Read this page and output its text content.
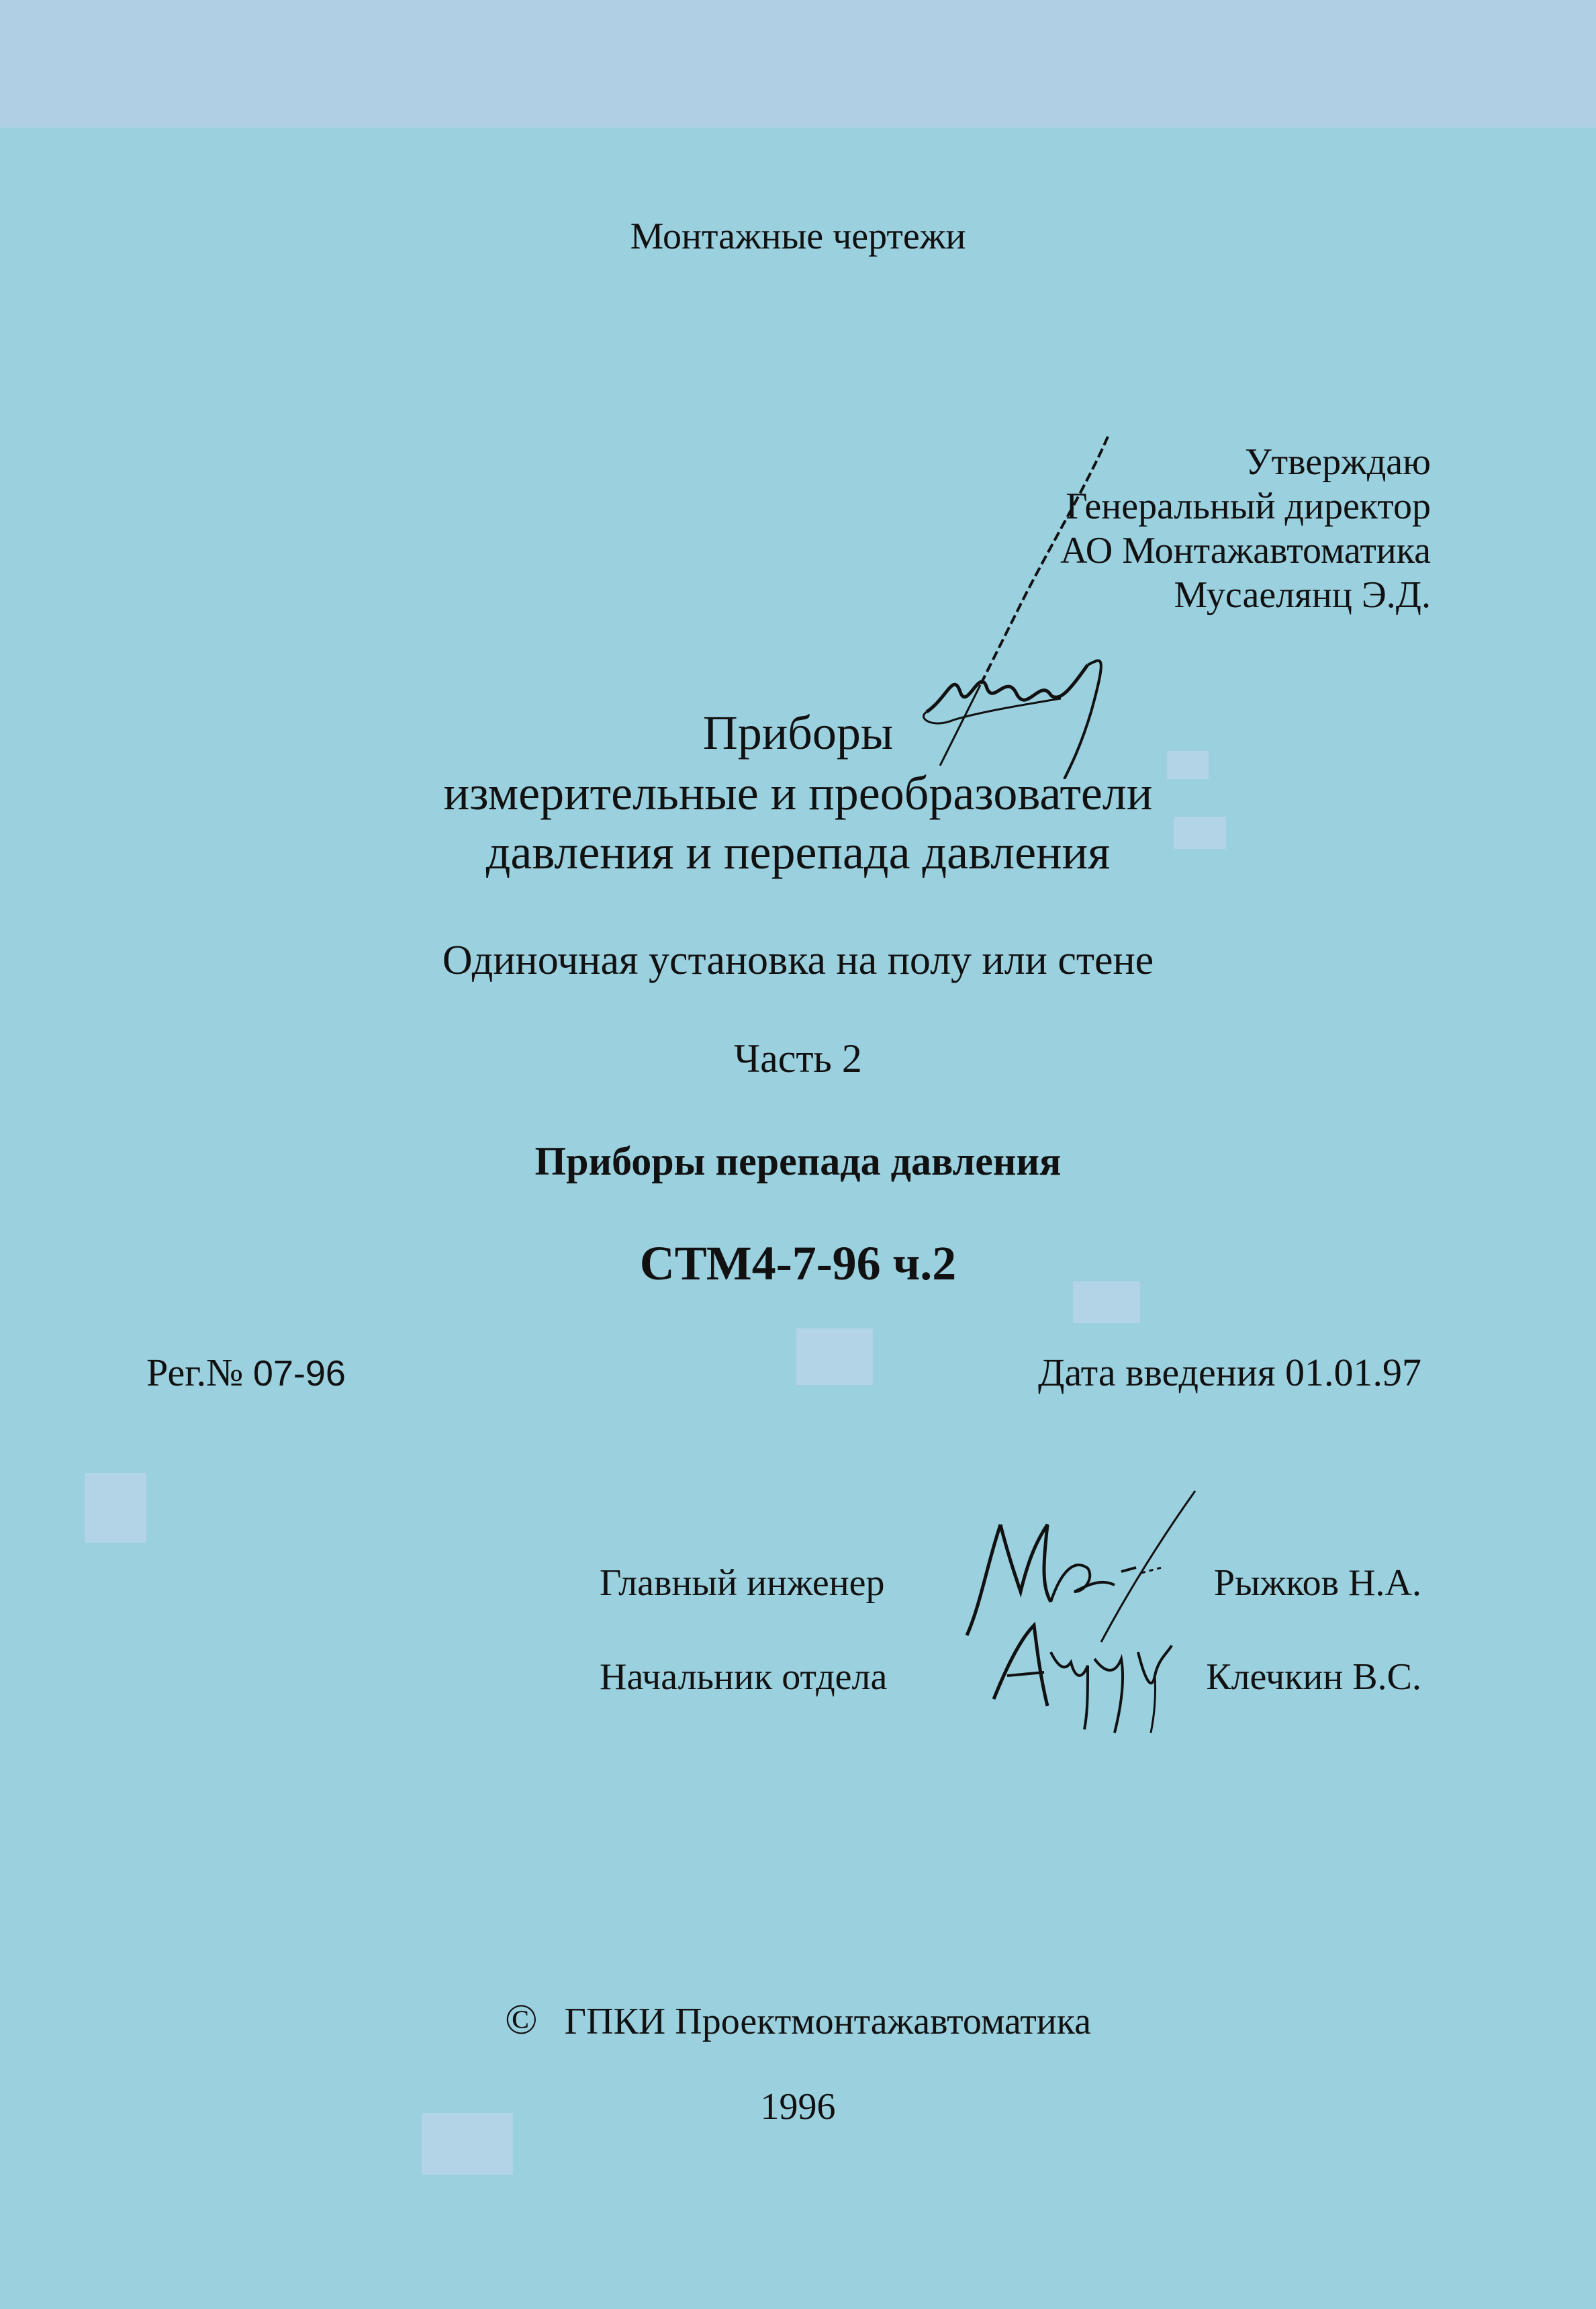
Монтажные чертежи
Утверждаю
Генеральный директор
АО Монтажавтоматика
Мусаелянц Э.Д.
Приборы
измерительные и преобразователи
давления и перепада давления
Одиночная установка на полу или стене
Часть 2
Приборы перепада давления
СТМ4-7-96 ч.2
Рег.№ 07-96	Дата введения 01.01.97
Главный инженер	Рыжков Н.А.
Начальник отдела	Клечкин В.С.
© ГПКИ Проектмонтажавтоматика
1996
